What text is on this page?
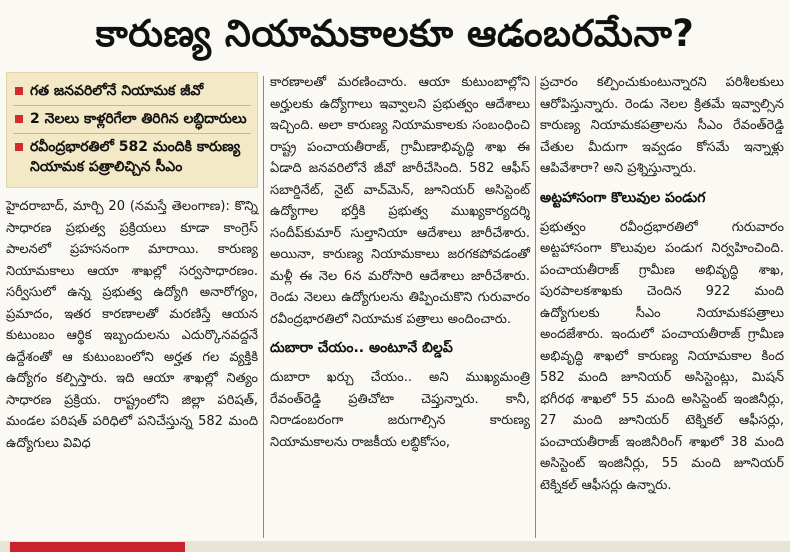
కారుణ్య నియామకాలకూ ఆడంబరమేనా?
గత జనవరిలోనే నియామక జీవో
2 నెలలు కాళ్లరిగేలా తిరిగిన లబ్ధిదారులు
రవీంద్రభారతిలో 582 మందికి కారుణ్య నియామక పత్రాలిచ్చిన సీఎం

హైదరాబాద్, మార్చి 20 (నమస్తే తెలంగాణ): కొన్ని సాధారణ ప్రభుత్వ ప్రక్రియలు కూడా కాంగ్రెస్ పాలనలో ప్రహసనంగా మారాయి. కారుణ్య నియామకాలు ఆయా శాఖల్లో సర్వసాధారణం. సర్వీసులో ఉన్న ప్రభుత్వ ఉద్యోగి అనారోగ్యం, ప్రమాదం, ఇతర కారణాలతో మరణిస్తే ఆయన కుటుంబం ఆర్థిక ఇబ్బందులను ఎదుర్కొనవద్దనే ఉద్దేశంతో ఆ కుటుంబంలోని అర్హత గల వ్యక్తికి ఉద్యోగం కల్పిస్తారు. ఇది ఆయా శాఖల్లో నిత్యం సాధారణ ప్రక్రియ. రాష్ట్రంలోని జిల్లా పరిషత్, మండల పరిషత్ పరిధిలో పనిచేస్తున్న 582 మంది ఉద్యోగులు వివిధ

కారణాలతో మరణించారు. ఆయా కుటుంబాల్లోని అర్హులకు ఉద్యోగాలు ఇవ్వాలని ప్రభుత్వం ఆదేశాలు ఇచ్చింది. అలా కారుణ్య నియామకాలకు సంబంధించి రాష్ట్ర పంచాయతీరాజ్, గ్రామీణాభివృద్ధి శాఖ ఈ ఏడాది జనవరిలోనే జీవో జారీచేసింది. 582 ఆఫీస్ సబార్డినేట్, నైట్ వాచ్‌మెన్, జూనియర్ అసిస్టెంట్ ఉద్యోగాల భర్తీకి ప్రభుత్వ ముఖ్యకార్యదర్శి సందీప్‌కుమార్ సుల్తానియా ఆదేశాలు జారీచేశారు. అయినా, కారుణ్య నియామకాలు జరగకపోవడంతో మళ్లీ ఈ నెల 6న మరోసారి ఆదేశాలు జారీచేశారు. రెండు నెలలు ఉద్యోగులను తిప్పించుకొని గురువారం రవీంద్రభారతిలో నియామక పత్రాలు అందించారు.

దుబారా చేయం.. అంటూనే బిల్డప్

దుబారా ఖర్చు చేయం.. అని ముఖ్యమంత్రి రేవంత్‌రెడ్డి ప్రతిచోటా చెప్తున్నారు. కానీ, నిరాడంబరంగా జరుగాల్సిన కారుణ్య నియామకాలను రాజకీయ లబ్ధికోసం,

ప్రచారం కల్పించుకుంటున్నారని పరిశీలకులు ఆరోపిస్తున్నారు. రెండు నెలల క్రితమే ఇవ్వాల్సిన కారుణ్య నియామకపత్రాలను సీఎం రేవంత్‌రెడ్డి చేతుల మీదుగా ఇవ్వడం కోసమే ఇన్నాళ్లు ఆపివేశారా? అని ప్రశ్నిస్తున్నారు.

అట్టహాసంగా కొలువుల పండుగ

ప్రభుత్వం రవీంద్రభారతిలో గురువారం అట్టహాసంగా కొలువుల పండుగ నిర్వహించింది. పంచాయతీరాజ్ గ్రామీణ అభివృద్ధి శాఖ, పురపాలకశాఖకు చెందిన 922 మంది ఉద్యోగులకు సీఎం నియామకపత్రాలు అందజేశారు. ఇందులో పంచాయతీరాజ్ గ్రామీణ అభివృద్ధి శాఖలో కారుణ్య నియామకాల కింద 582 మంది జూనియర్ అసిస్టెంట్లు, మిషన్ భగీరథ శాఖలో 55 మంది అసిస్టెంట్ ఇంజినీర్లు, 27 మంది జూనియర్ టెక్నికల్ ఆఫీసర్లు, పంచాయతీరాజ్ ఇంజినీరింగ్ శాఖలో 38 మంది అసిస్టెంట్ ఇంజినీర్లు, 55 మంది జూనియర్ టెక్నికల్ ఆఫీసర్లు ఉన్నారు.
